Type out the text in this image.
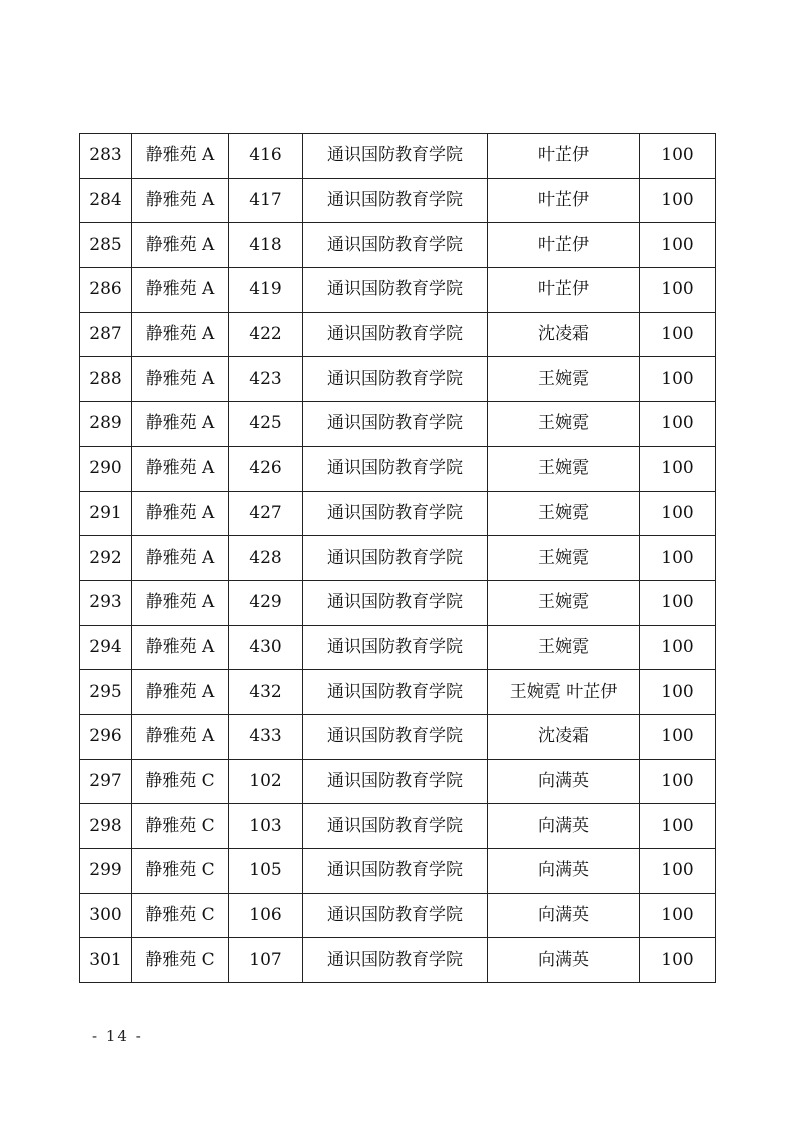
283	静雅苑 A	416	通识国防教育学院	叶芷伊	100
284	静雅苑 A	417	通识国防教育学院	叶芷伊	100
285	静雅苑 A	418	通识国防教育学院	叶芷伊	100
286	静雅苑 A	419	通识国防教育学院	叶芷伊	100
287	静雅苑 A	422	通识国防教育学院	沈凌霜	100
288	静雅苑 A	423	通识国防教育学院	王婉霓	100
289	静雅苑 A	425	通识国防教育学院	王婉霓	100
290	静雅苑 A	426	通识国防教育学院	王婉霓	100
291	静雅苑 A	427	通识国防教育学院	王婉霓	100
292	静雅苑 A	428	通识国防教育学院	王婉霓	100
293	静雅苑 A	429	通识国防教育学院	王婉霓	100
294	静雅苑 A	430	通识国防教育学院	王婉霓	100
295	静雅苑 A	432	通识国防教育学院	王婉霓 叶芷伊	100
296	静雅苑 A	433	通识国防教育学院	沈凌霜	100
297	静雅苑 C	102	通识国防教育学院	向满英	100
298	静雅苑 C	103	通识国防教育学院	向满英	100
299	静雅苑 C	105	通识国防教育学院	向满英	100
300	静雅苑 C	106	通识国防教育学院	向满英	100
301	静雅苑 C	107	通识国防教育学院	向满英	100
- 14 -
